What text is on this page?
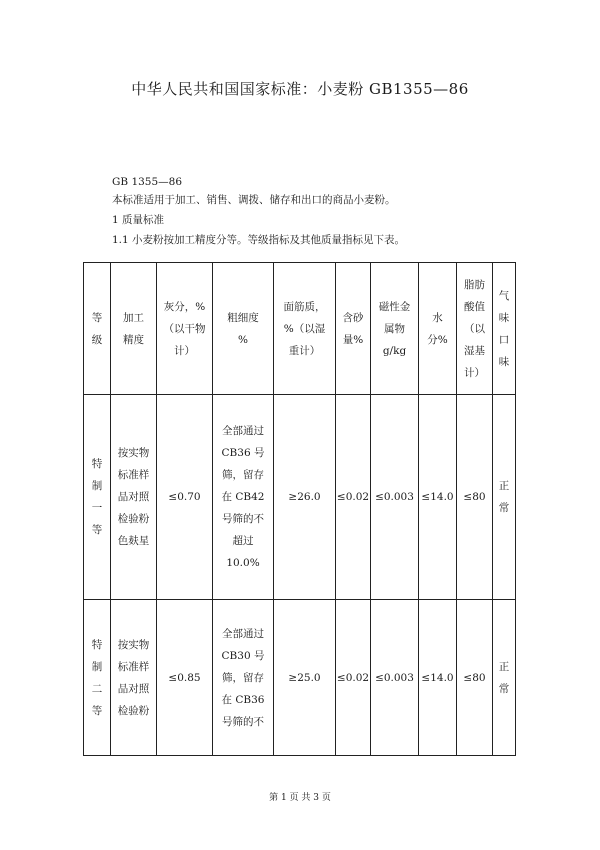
中华人民共和国国家标准：小麦粉 GB1355—86
GB 1355—86
本标准适用于加工、销售、调拨、储存和出口的商品小麦粉。
1 质量标准
1.1 小麦粉按加工精度分等。等级指标及其他质量指标见下表。
等级	加工精度	灰分，%（以干物计）	粗细度 %	面筋质，%（以湿重计）	含砂量%	磁性金属物 g/kg	水分%	脂肪酸值（以湿基计）	气味口味
特制一等	按实物标准样品对照检验粉色麸星	≤0.70	全部通过 CB36 号筛，留存在 CB42 号筛的不超过 10.0%	≥26.0	≤0.02	≤0.003	≤14.0	≤80	正常
特制二等	按实物标准样品对照检验粉	≤0.85	全部通过 CB30 号筛，留存在 CB36 号筛的不	≥25.0	≤0.02	≤0.003	≤14.0	≤80	正常
第 1 页 共 3 页
